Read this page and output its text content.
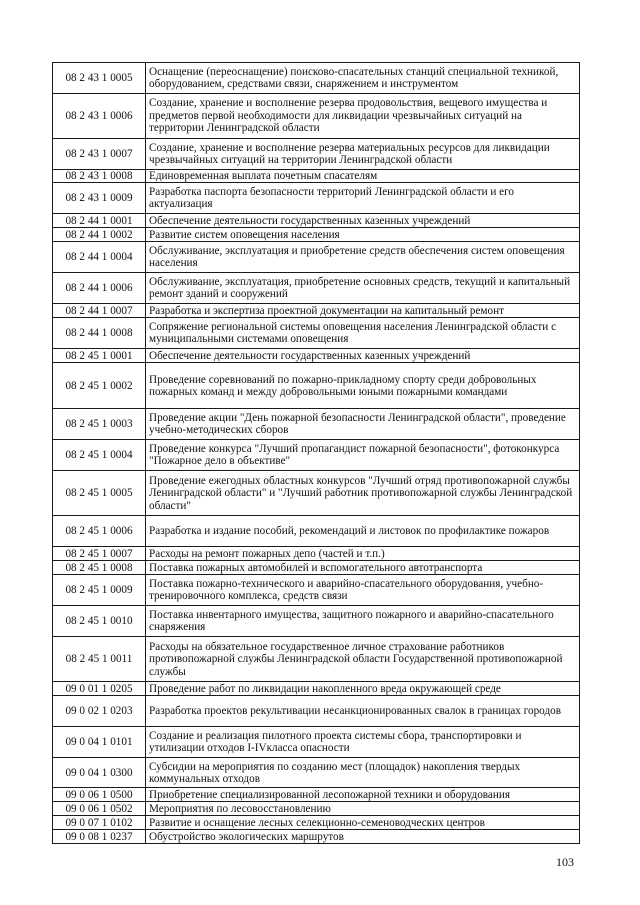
08 2 43 1 0005	Оснащение (переоснащение) поисково-спасательных станций специальной техникой, оборудованием, средствами связи, снаряжением и инструментом
08 2 43 1 0006	Создание, хранение и восполнение резерва продовольствия, вещевого имущества и предметов первой необходимости для ликвидации чрезвычайных ситуаций на территории Ленинградской области
08 2 43 1 0007	Создание, хранение и восполнение резерва материальных ресурсов для ликвидации чрезвычайных ситуаций на территории Ленинградской области
08 2 43 1 0008	Единовременная выплата почетным спасателям
08 2 43 1 0009	Разработка паспорта безопасности территорий Ленинградской области и его актуализация
08 2 44 1 0001	Обеспечение деятельности государственных казенных учреждений
08 2 44 1 0002	Развитие систем оповещения населения
08 2 44 1 0004	Обслуживание, эксплуатация и приобретение средств обеспечения систем оповещения населения
08 2 44 1 0006	Обслуживание, эксплуатация, приобретение основных средств, текущий и капитальный ремонт зданий и сооружений
08 2 44 1 0007	Разработка и экспертиза проектной документации на капитальный ремонт
08 2 44 1 0008	Сопряжение региональной системы оповещения населения Ленинградской области с муниципальными системами оповещения
08 2 45 1 0001	Обеспечение деятельности государственных казенных учреждений
08 2 45 1 0002	Проведение соревнований по пожарно-прикладному спорту среди добровольных пожарных команд и между добровольными юными пожарными командами
08 2 45 1 0003	Проведение акции "День пожарной безопасности Ленинградской области", проведение учебно-методических сборов
08 2 45 1 0004	Проведение конкурса "Лучший пропагандист пожарной безопасности", фотоконкурса "Пожарное дело в объективе"
08 2 45 1 0005	Проведение ежегодных областных конкурсов "Лучший отряд противопожарной службы Ленинградской области" и "Лучший работник противопожарной службы Ленинградской области"
08 2 45 1 0006	Разработка и издание пособий, рекомендаций и листовок по профилактике пожаров
08 2 45 1 0007	Расходы на ремонт пожарных депо (частей и т.п.)
08 2 45 1 0008	Поставка пожарных автомобилей и вспомогательного автотранспорта
08 2 45 1 0009	Поставка пожарно-технического и аварийно-спасательного оборудования, учебно-тренировочного комплекса, средств связи
08 2 45 1 0010	Поставка инвентарного имущества, защитного пожарного и аварийно-спасательного снаряжения
08 2 45 1 0011	Расходы на обязательное государственное личное страхование работников противопожарной службы Ленинградской области Государственной противопожарной службы
09 0 01 1 0205	Проведение работ по ликвидации накопленного вреда окружающей среде
09 0 02 1 0203	Разработка проектов рекультивации несанкционированных свалок в границах городов
09 0 04 1 0101	Создание и реализация пилотного проекта системы сбора, транспортировки и утилизации отходов I-IVкласса опасности
09 0 04 1 0300	Субсидии на мероприятия по созданию мест (площадок) накопления твердых коммунальных отходов
09 0 06 1 0500	Приобретение специализированной лесопожарной техники и оборудования
09 0 06 1 0502	Мероприятия по лесовосстановлению
09 0 07 1 0102	Развитие и оснащение лесных селекционно-семеноводческих центров
09 0 08 1 0237	Обустройство экологических маршрутов
103
